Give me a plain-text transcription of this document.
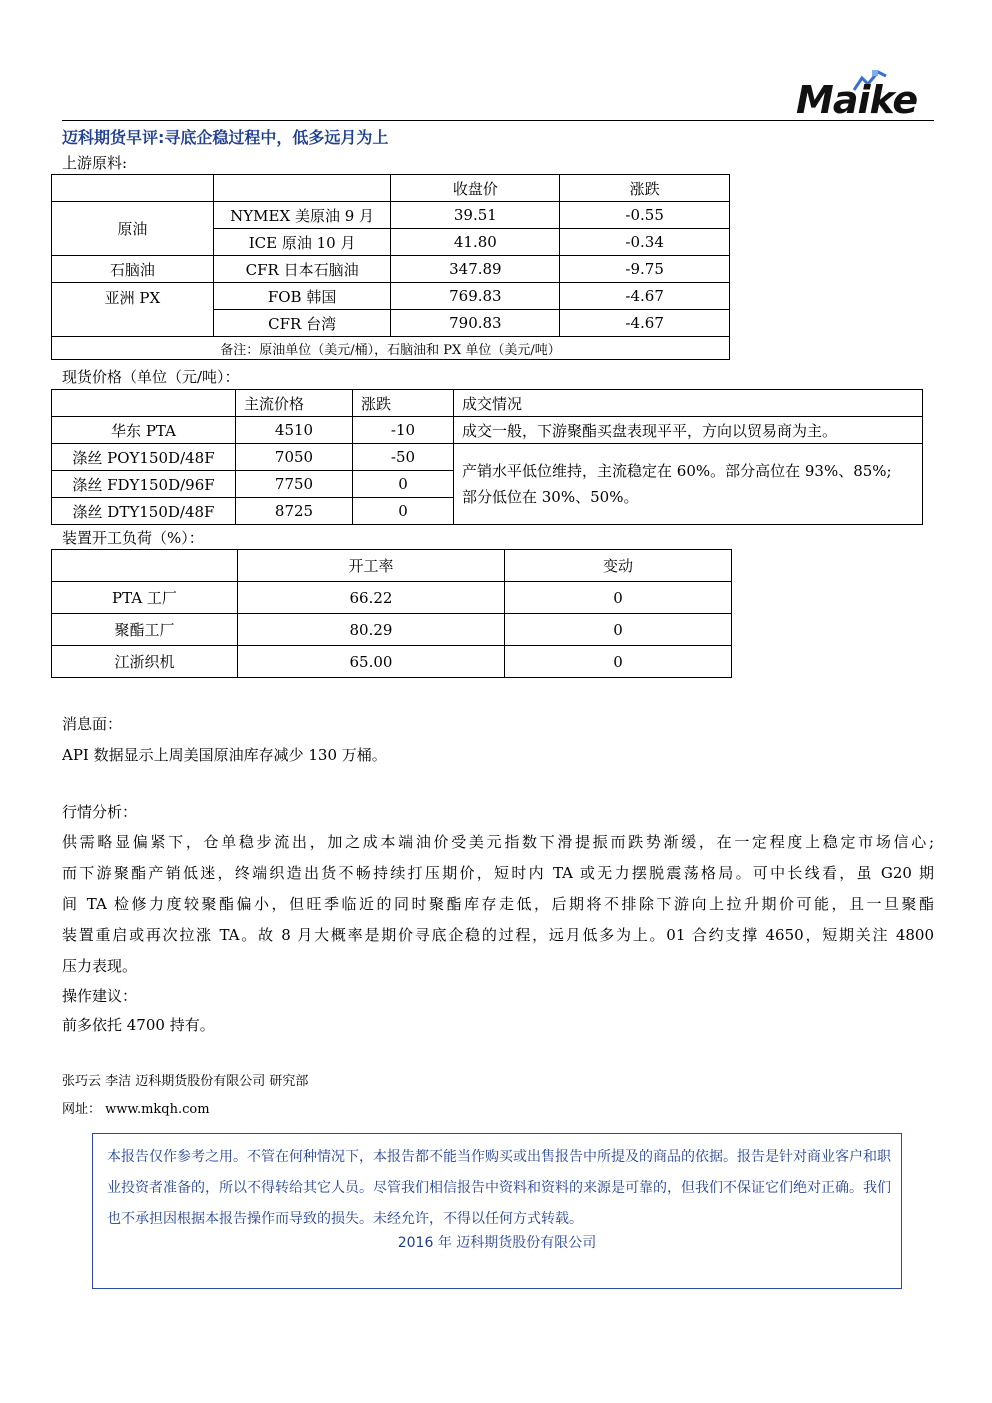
Maike
迈科期货早评:寻底企稳过程中，低多远月为上
上游原料:
		收盘价	涨跌
原油	NYMEX 美原油 9 月	39.51	-0.55
	ICE 原油 10 月	41.80	-0.34
石脑油	CFR 日本石脑油	347.89	-9.75
亚洲 PX	FOB 韩国	769.83	-4.67
	CFR 台湾	790.83	-4.67
备注：原油单位（美元/桶），石脑油和 PX 单位（美元/吨）			
现货价格（单位（元/吨）：
	主流价格	涨跌	成交情况
华东 PTA	4510	-10	成交一般，下游聚酯买盘表现平平，方向以贸易商为主。
涤丝 POY150D/48F	7050	-50	产销水平低位维持，主流稳定在 60%。部分高位在 93%、85%;
部分低位在 30%、50%。

涤丝 FDY150D/96F	7750	0	
涤丝 DTY150D/48F	8725	0	
装置开工负荷（%）：
	开工率	变动
PTA 工厂	66.22	0
聚酯工厂	80.29	0
江浙织机	65.00	0
消息面：
API 数据显示上周美国原油库存减少 130 万桶。
行情分析：
供需略显偏紧下，仓单稳步流出，加之成本端油价受美元指数下滑提振而跌势渐缓，在一定程度上稳定市场信心;
而下游聚酯产销低迷，终端织造出货不畅持续打压期价，短时内 TA 或无力摆脱震荡格局。可中长线看，虽 G20 期
间 TA 检修力度较聚酯偏小，但旺季临近的同时聚酯库存走低，后期将不排除下游向上拉升期价可能，且一旦聚酯
装置重启或再次拉涨 TA。故 8 月大概率是期价寻底企稳的过程，远月低多为上。01 合约支撑 4650，短期关注 4800
压力表现。
操作建议：
前多依托 4700 持有。
张巧云 李洁 迈科期货股份有限公司 研究部
网址： www.mkqh.com
本报告仅作参考之用。不管在何种情况下，本报告都不能当作购买或出售报告中所提及的商品的依据。报告是针对商业客户和职业投资者准备的，所以不得转给其它人员。尽管我们相信报告中资料和资料的来源是可靠的，但我们不保证它们绝对正确。我们也不承担因根据本报告操作而导致的损失。未经允许，不得以任何方式转载。
2016 年 迈科期货股份有限公司
